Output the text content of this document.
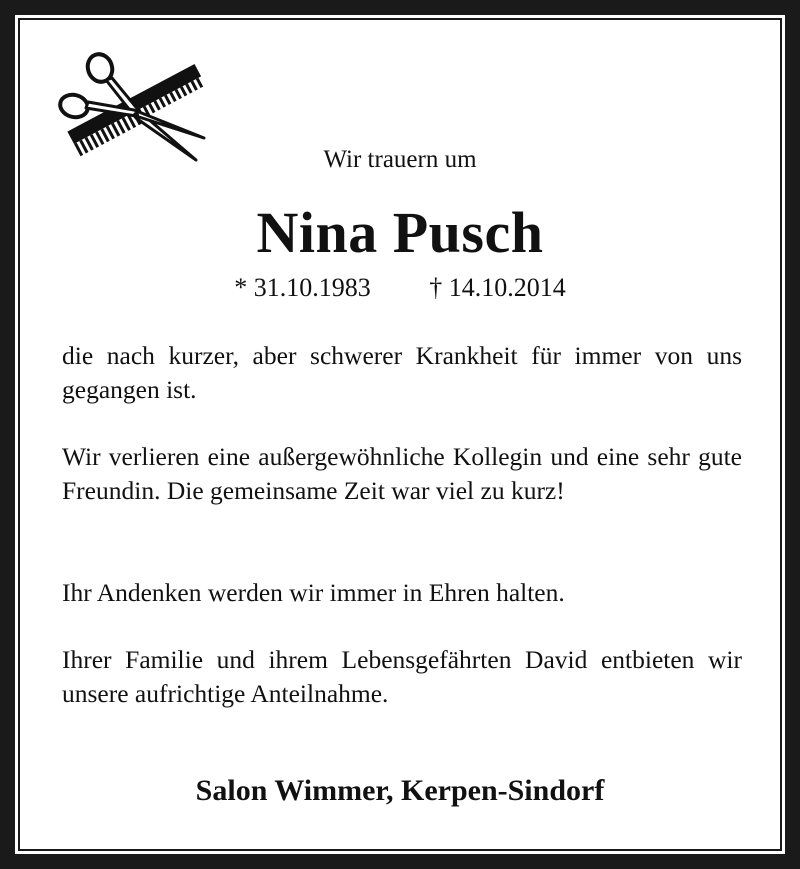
Wir trauern um
Nina Pusch
* 31.10.1983 † 14.10.2014

die nach kurzer, aber schwerer Krankheit für immer von uns gegangen ist.

Wir verlieren eine außergewöhnliche Kollegin und eine sehr gute Freundin. Die gemeinsame Zeit war viel zu kurz!

Ihr Andenken werden wir immer in Ehren halten.

Ihrer Familie und ihrem Lebensgefährten David entbieten wir unsere aufrichtige Anteilnahme.

Salon Wimmer, Kerpen-Sindorf
